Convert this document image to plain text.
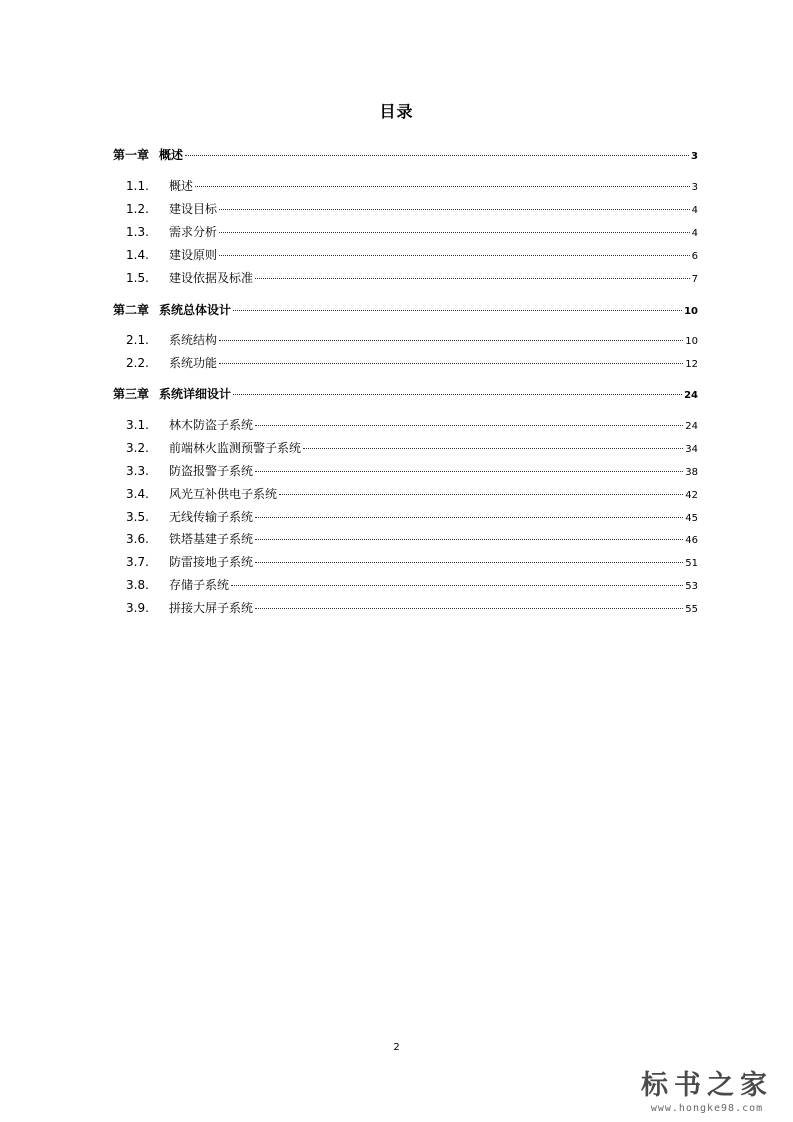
目录
第一章 概述	3
1.1.	概述	3
1.2.	建设目标	4
1.3.	需求分析	4
1.4.	建设原则	6
1.5.	建设依据及标准	7
第二章 系统总体设计	10
2.1.	系统结构	10
2.2.	系统功能	12
第三章 系统详细设计	24
3.1.	林木防盗子系统	24
3.2.	前端林火监测预警子系统	34
3.3.	防盗报警子系统	38
3.4.	风光互补供电子系统	42
3.5.	无线传输子系统	45
3.6.	铁塔基建子系统	46
3.7.	防雷接地子系统	51
3.8.	存储子系统	53
3.9.	拼接大屏子系统	55
2
标书之家
www.hongke98.com
